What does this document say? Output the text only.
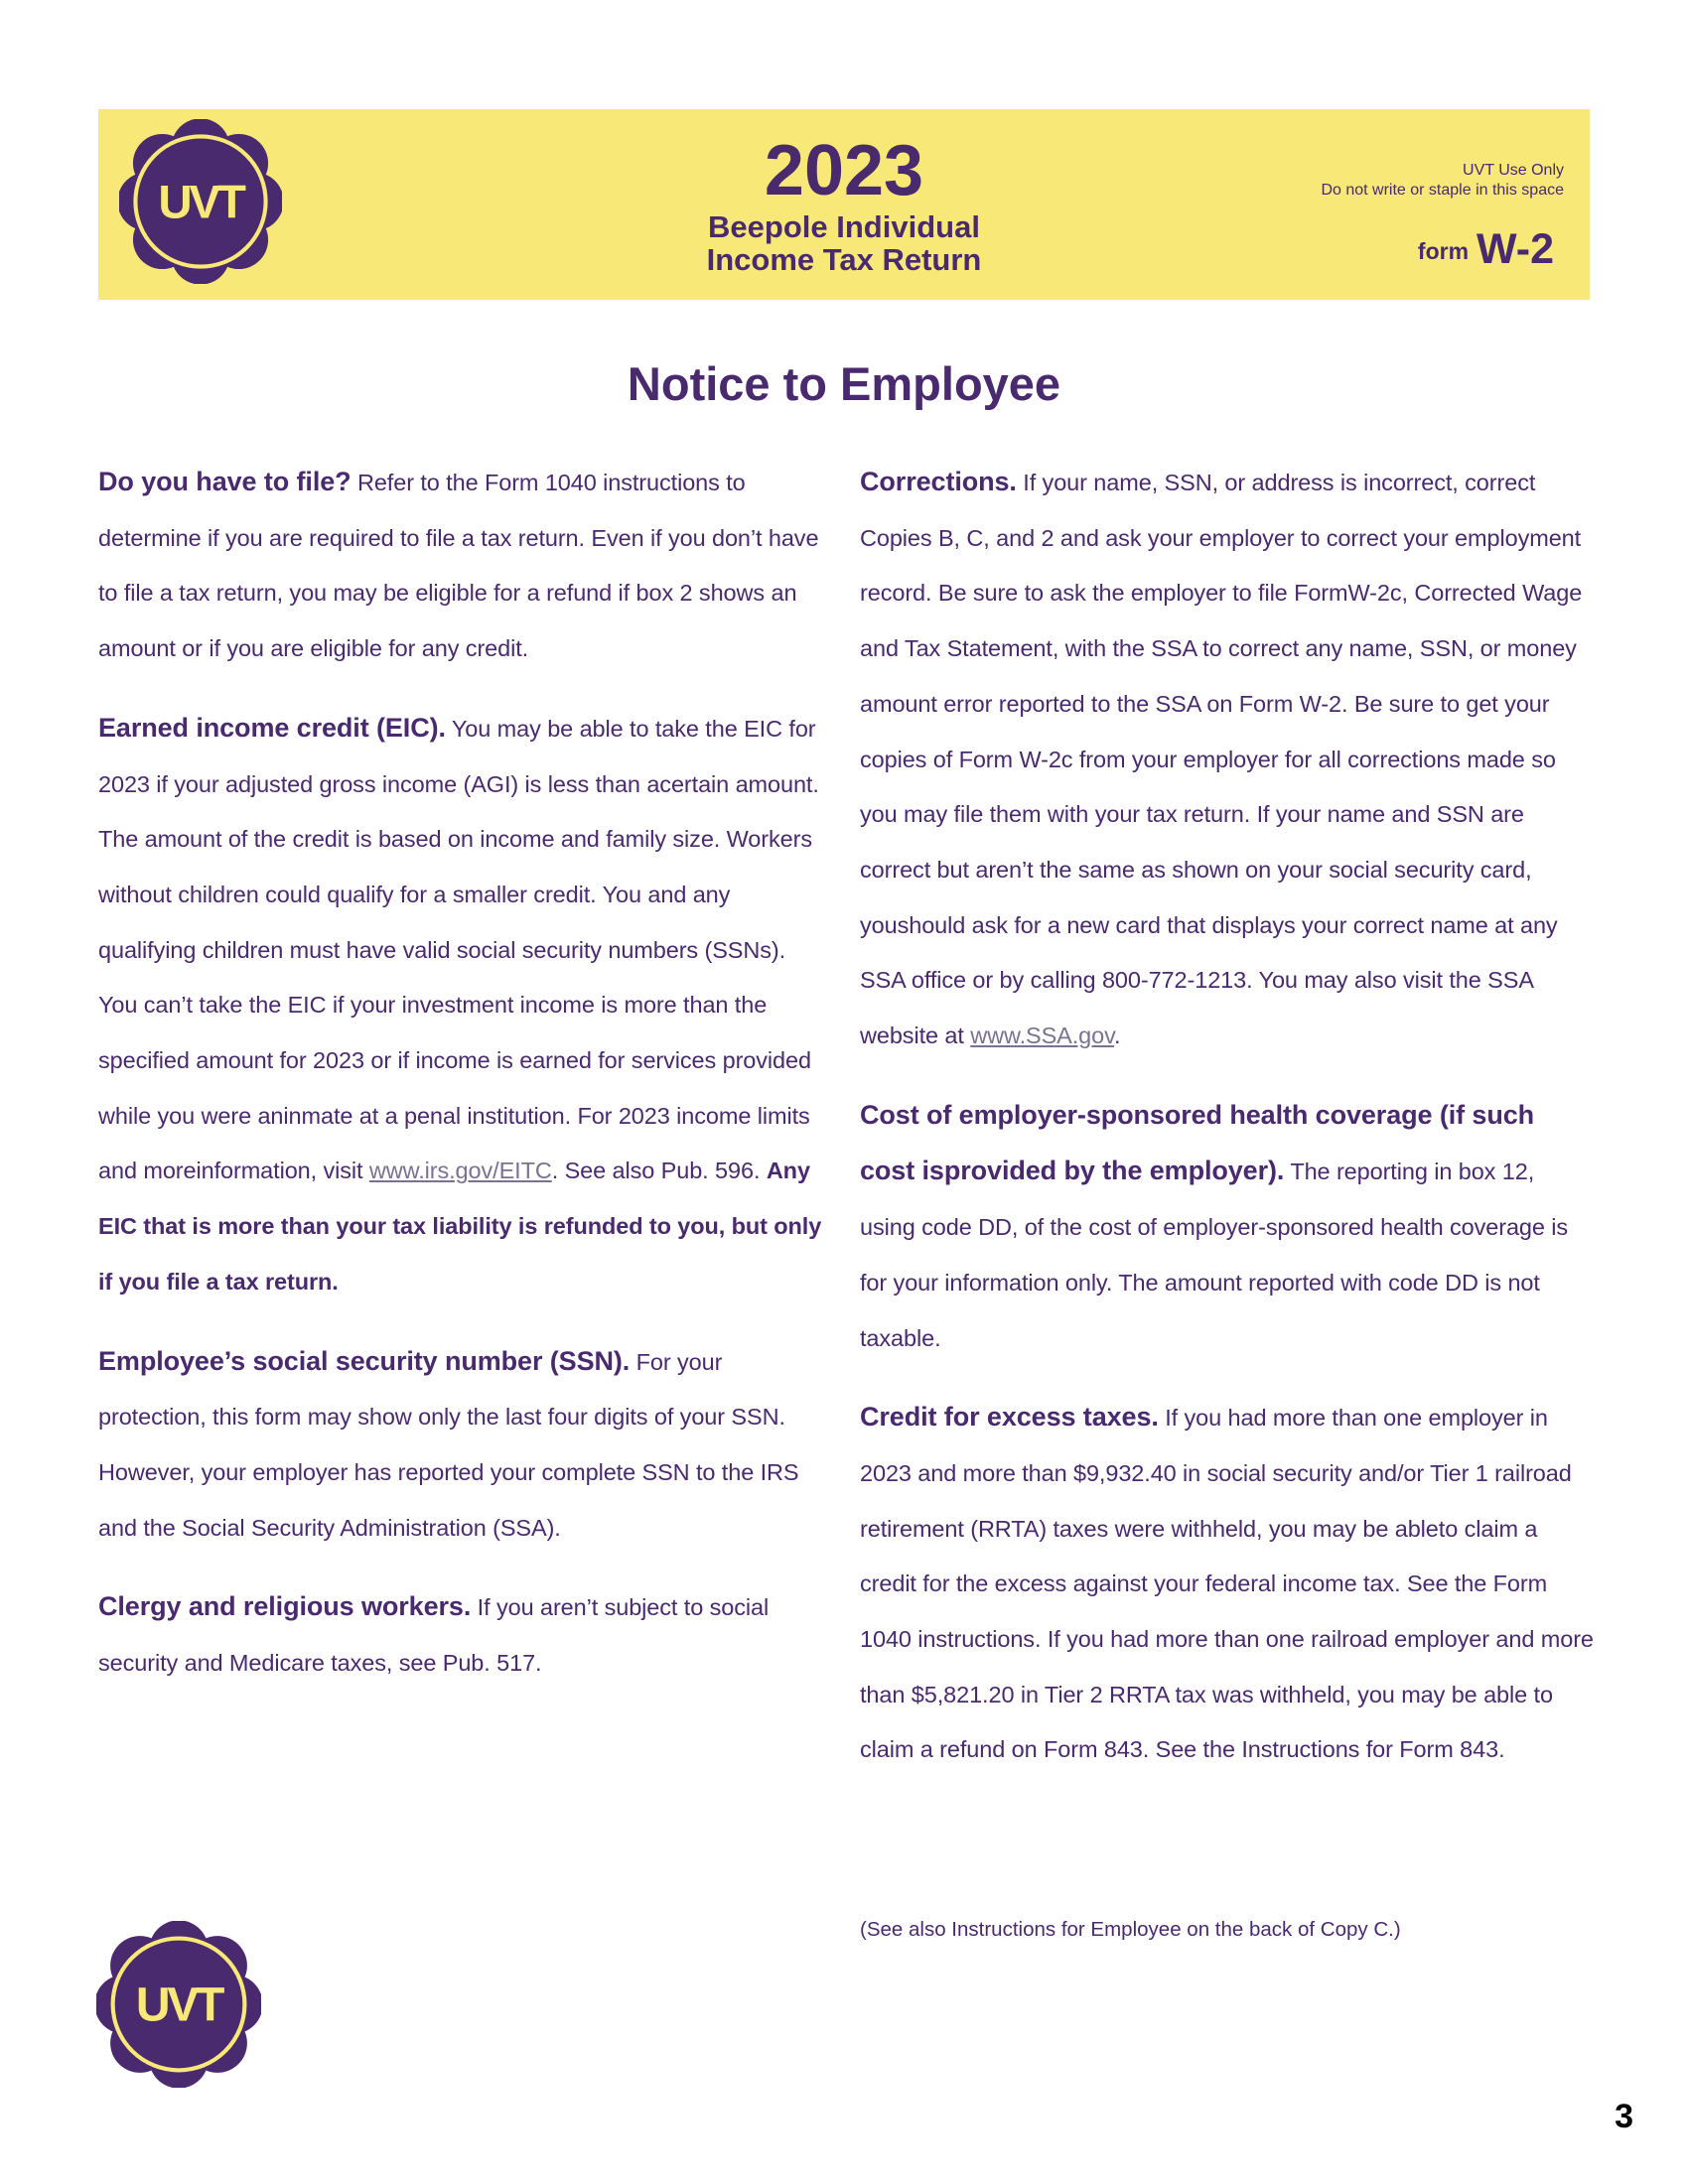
UVT	2023
Beepole Individual
Income Tax Return
UVT Use Only
Do not write or staple in this space
form W-2
Notice to Employee

Do you have to file? Refer to the Form 1040 instructions to determine if you are required to file a tax return. Even if you don’t have to file a tax return, you may be eligible for a refund if box 2 shows an amount or if you are eligible for any credit.

Earned income credit (EIC). You may be able to take the EIC for 2023 if your adjusted gross income (AGI) is less than acertain amount. The amount of the credit is based on income and family size. Workers without children could qualify for a smaller credit. You and any qualifying children must have valid social security numbers (SSNs). You can’t take the EIC if your investment income is more than the specified amount for 2023 or if income is earned for services provided while you were aninmate at a penal institution. For 2023 income limits and moreinformation, visit www.irs.gov/EITC. See also Pub. 596. Any EIC that is more than your tax liability is refunded to you, but only if you file a tax return.

Employee’s social security number (SSN). For your protection, this form may show only the last four digits of your SSN. However, your employer has reported your complete SSN to the IRS and the Social Security Administration (SSA).

Clergy and religious workers. If you aren’t subject to social security and Medicare taxes, see Pub. 517.

Corrections. If your name, SSN, or address is incorrect, correct Copies B, C, and 2 and ask your employer to correct your employment record. Be sure to ask the employer to file FormW-2c, Corrected Wage and Tax Statement, with the SSA to correct any name, SSN, or money amount error reported to the SSA on Form W-2. Be sure to get your copies of Form W-2c from your employer for all corrections made so you may file them with your tax return. If your name and SSN are correct but aren’t the same as shown on your social security card, youshould ask for a new card that displays your correct name at any SSA office or by calling 800-772-1213. You may also visit the SSA website at www.SSA.gov.

Cost of employer-sponsored health coverage (if such cost isprovided by the employer). The reporting in box 12, using code DD, of the cost of employer-sponsored health coverage is for your information only. The amount reported with code DD is not taxable.

Credit for excess taxes. If you had more than one employer in 2023 and more than $9,932.40 in social security and/or Tier 1 railroad retirement (RRTA) taxes were withheld, you may be ableto claim a credit for the excess against your federal income tax. See the Form 1040 instructions. If you had more than one railroad employer and more than $5,821.20 in Tier 2 RRTA tax was withheld, you may be able to claim a refund on Form 843. See the Instructions for Form 843.

(See also Instructions for Employee on the back of Copy C.)
UVT
3
